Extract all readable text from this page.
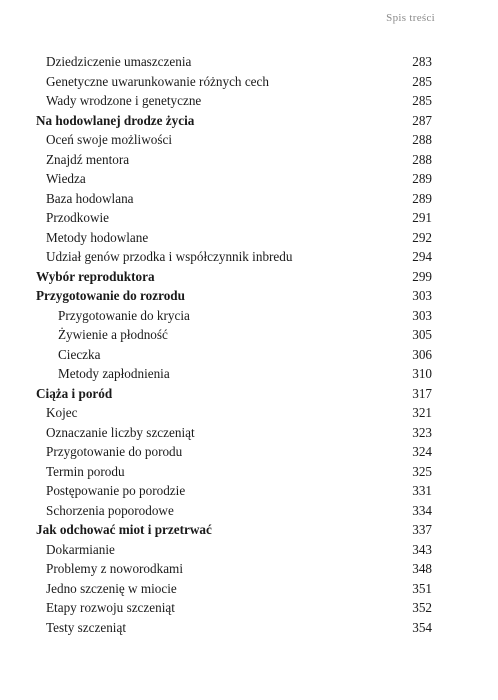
Spis treści
Dziedziczenie umaszczenia	283
Genetyczne uwarunkowanie różnych cech	285
Wady wrodzone i genetyczne	285
Na hodowlanej drodze życia	287
Oceń swoje możliwości	288
Znajdź mentora	288
Wiedza	289
Baza hodowlana	289
Przodkowie	291
Metody hodowlane	292
Udział genów przodka i współczynnik inbredu	294
Wybór reproduktora	299
Przygotowanie do rozrodu	303
Przygotowanie do krycia	303
Żywienie a płodność	305
Cieczka	306
Metody zapłodnienia	310
Ciąża i poród	317
Kojec	321
Oznaczanie liczby szczeniąt	323
Przygotowanie do porodu	324
Termin porodu	325
Postępowanie po porodzie	331
Schorzenia poporodowe	334
Jak odchować miot i przetrwać	337
Dokarmianie	343
Problemy z noworodkami	348
Jedno szczenię w miocie	351
Etapy rozwoju szczeniąt	352
Testy szczeniąt	354
